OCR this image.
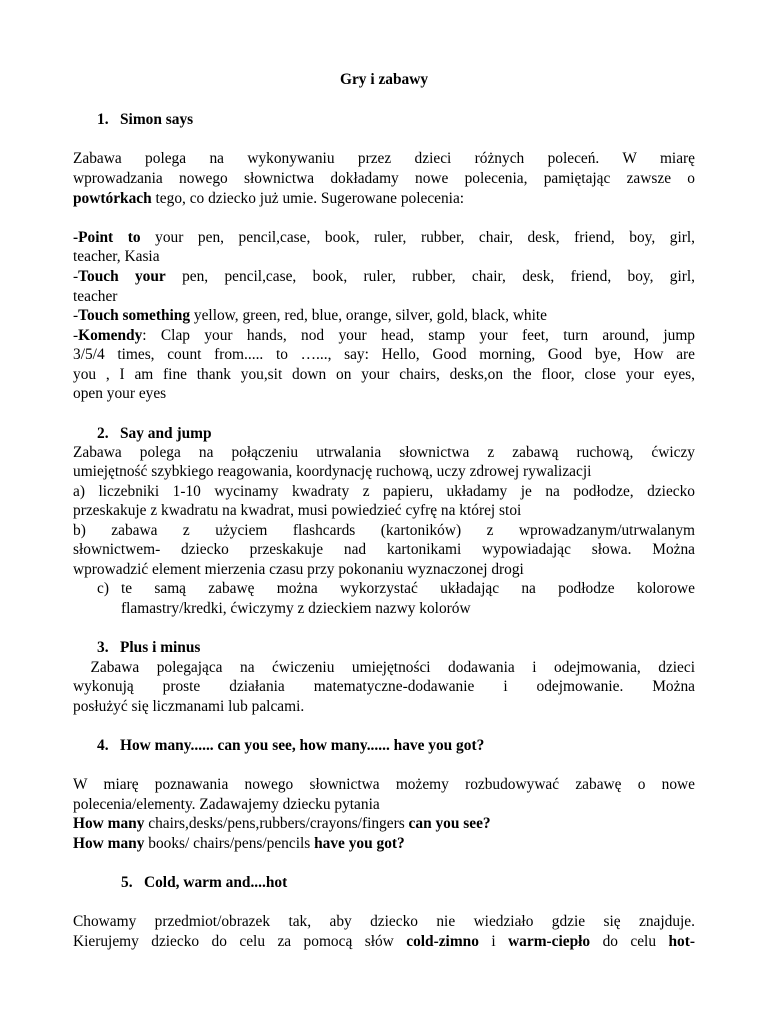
Gry i zabawy
1. Simon says
Zabawa polega na wykonywaniu przez dzieci różnych poleceń. W miarę
wprowadzania nowego słownictwa dokładamy nowe polecenia, pamiętając zawsze o
powtórkach tego, co dziecko już umie. Sugerowane polecenia:
-Point to your pen, pencil,case, book, ruler, rubber, chair, desk, friend, boy, girl,
teacher, Kasia
-Touch your pen, pencil,case, book, ruler, rubber, chair, desk, friend, boy, girl,
teacher
-Touch something yellow, green, red, blue, orange, silver, gold, black, white
-Komendy: Clap your hands, nod your head, stamp your feet, turn around, jump
3/5/4 times, count from..... to …..., say: Hello, Good morning, Good bye, How are
you , I am fine thank you,sit down on your chairs, desks,on the floor, close your eyes,
open your eyes
2. Say and jump
Zabawa polega na połączeniu utrwalania słownictwa z zabawą ruchową, ćwiczy
umiejętność szybkiego reagowania, koordynację ruchową, uczy zdrowej rywalizacji
a) liczebniki 1-10 wycinamy kwadraty z papieru, układamy je na podłodze, dziecko
przeskakuje z kwadratu na kwadrat, musi powiedzieć cyfrę na której stoi
b) zabawa z użyciem flashcards (kartoników) z wprowadzanym/utrwalanym
słownictwem- dziecko przeskakuje nad kartonikami wypowiadając słowa. Można
wprowadzić element mierzenia czasu przy pokonaniu wyznaczonej drogi
c) te samą zabawę można wykorzystać układając na podłodze kolorowe
flamastry/kredki, ćwiczymy z dzieckiem nazwy kolorów
3. Plus i minus
Zabawa polegająca na ćwiczeniu umiejętności dodawania i odejmowania, dzieci
wykonują proste działania matematyczne-dodawanie i odejmowanie. Można
posłużyć się liczmanami lub palcami.
4. How many...... can you see, how many...... have you got?
W miarę poznawania nowego słownictwa możemy rozbudowywać zabawę o nowe
polecenia/elementy. Zadawajemy dziecku pytania
How many chairs,desks/pens,rubbers/crayons/fingers can you see?
How many books/ chairs/pens/pencils have you got?
5. Cold, warm and....hot
Chowamy przedmiot/obrazek tak, aby dziecko nie wiedziało gdzie się znajduje.
Kierujemy dziecko do celu za pomocą słów cold-zimno i warm-ciepło do celu hot-
